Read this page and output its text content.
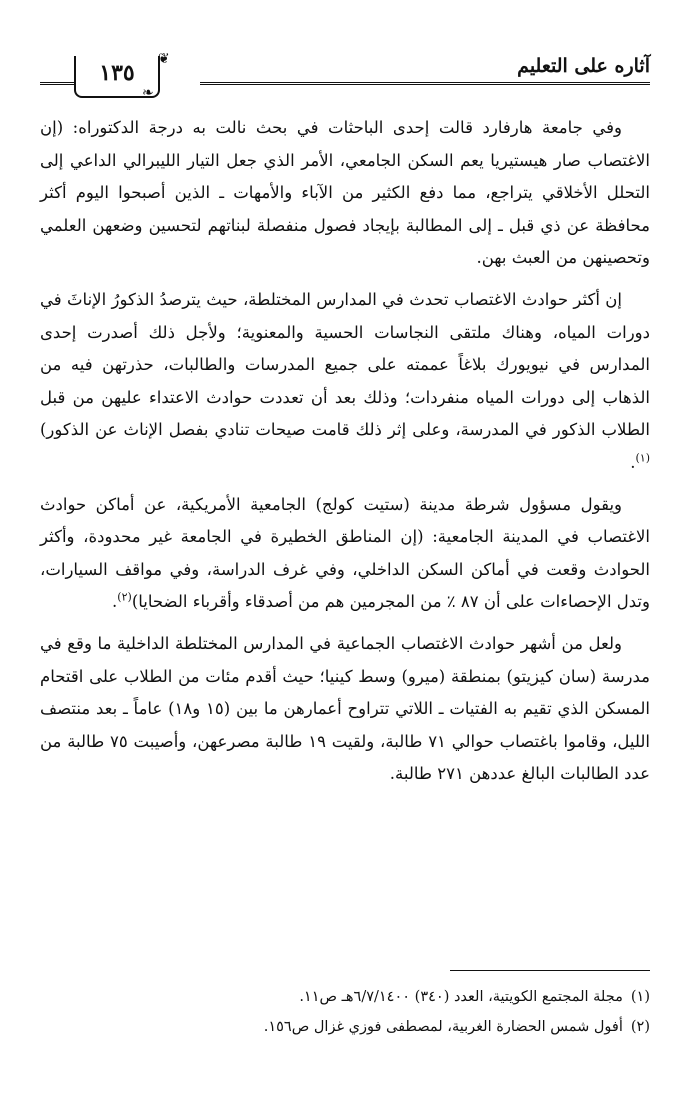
آثاره على التعليم
١٣٥
❦
❧

وفي جامعة هارفارد قالت إحدى الباحثات في بحث نالت به درجة الدكتوراه: (إن الاغتصاب صار هيستيريا يعم السكن الجامعي، الأمر الذي جعل التيار الليبرالي الداعي إلى التحلل الأخلاقي يتراجع، مما دفع الكثير من الآباء والأمهات ـ الذين أصبحوا اليوم أكثر محافظة عن ذي قبل ـ إلى المطالبة بإيجاد فصول منفصلة لبناتهم لتحسين وضعهن العلمي وتحصينهن من العبث بهن.

إن أكثر حوادث الاغتصاب تحدث في المدارس المختلطة، حيث يترصدُ الذكورُ الإناثَ في دورات المياه، وهناك ملتقى النجاسات الحسية والمعنوية؛ ولأجل ذلك أصدرت إحدى المدارس في نيويورك بلاغاً عممته على جميع المدرسات والطالبات، حذرتهن فيه من الذهاب إلى دورات المياه منفردات؛ وذلك بعد أن تعددت حوادث الاعتداء عليهن من قبل الطلاب الذكور في المدرسة، وعلى إثر ذلك قامت صيحات تنادي بفصل الإناث عن الذكور)$^{(١)}$.

ويقول مسؤول شرطة مدينة (ستيت كولج) الجامعية الأمريكية، عن أماكن حوادث الاغتصاب في المدينة الجامعية: (إن المناطق الخطيرة في الجامعة غير محدودة، وأكثر الحوادث وقعت في أماكن السكن الداخلي، وفي غرف الدراسة، وفي مواقف السيارات، وتدل الإحصاءات على أن ٨٧ ٪ من المجرمين هم من أصدقاء وأقرباء الضحايا)$^{(٢)}$.

ولعل من أشهر حوادث الاغتصاب الجماعية في المدارس المختلطة الداخلية ما وقع في مدرسة (سان كيزيتو) بمنطقة (ميرو) وسط كينيا؛ حيث أقدم مئات من الطلاب على اقتحام المسكن الذي تقيم به الفتيات ـ اللاتي تتراوح أعمارهن ما بين (١٥ و١٨) عاماً ـ بعد منتصف الليل، وقاموا باغتصاب حوالي ٧١ طالبة، ولقيت ١٩ طالبة مصرعهن، وأصيبت ٧٥ طالبة من عدد الطالبات البالغ عددهن ٢٧١ طالبة.

(١)مجلة المجتمع الكويتية، العدد (٣٤٠) ٦/٧/١٤٠٠هـ ص١١.
(٢)أفول شمس الحضارة الغربية، لمصطفى فوزي غزال ص١٥٦.
